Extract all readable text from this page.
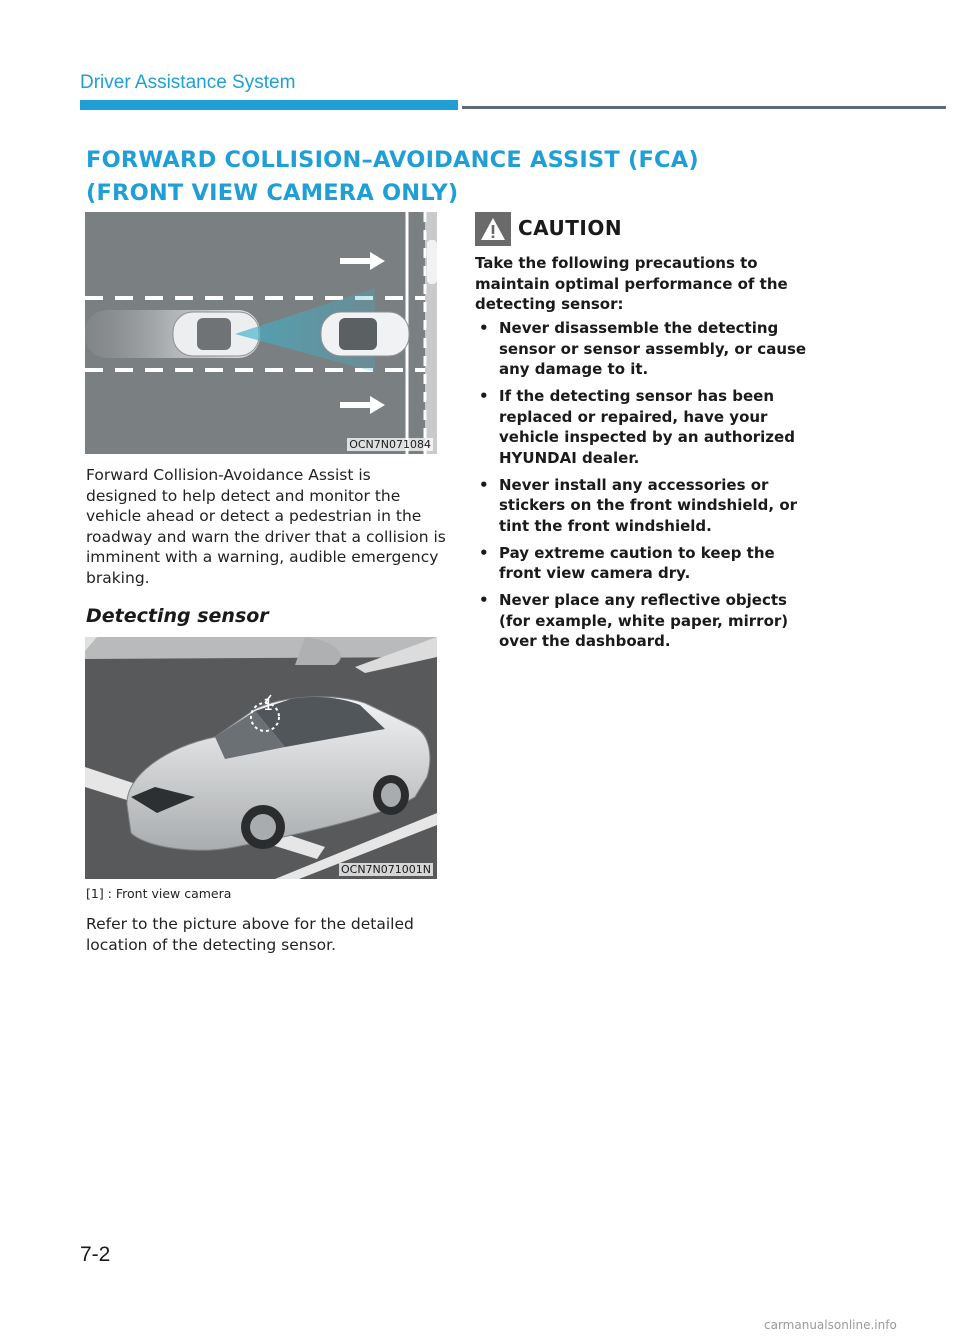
Driver Assistance System
FORWARD COLLISION–AVOIDANCE ASSIST (FCA) (FRONT VIEW CAMERA ONLY)
OCN7N071084
Forward Collision-Avoidance Assist is designed to help detect and monitor the vehicle ahead or detect a pedestrian in the roadway and warn the driver that a collision is imminent with a warning, audible emergency braking.
Detecting sensor
1
OCN7N071001N
[1] : Front view camera
Refer to the picture above for the detailed location of the detecting sensor.
CAUTION
Take the following precautions to maintain optimal performance of the detecting sensor:
• Never disassemble the detecting sensor or sensor assembly, or cause any damage to it.
• If the detecting sensor has been replaced or repaired, have your vehicle inspected by an authorized HYUNDAI dealer.
• Never install any accessories or stickers on the front windshield, or tint the front windshield.
• Pay extreme caution to keep the front view camera dry.
• Never place any reflective objects (for example, white paper, mirror) over the dashboard.
7-2
carmanualsonline.info
